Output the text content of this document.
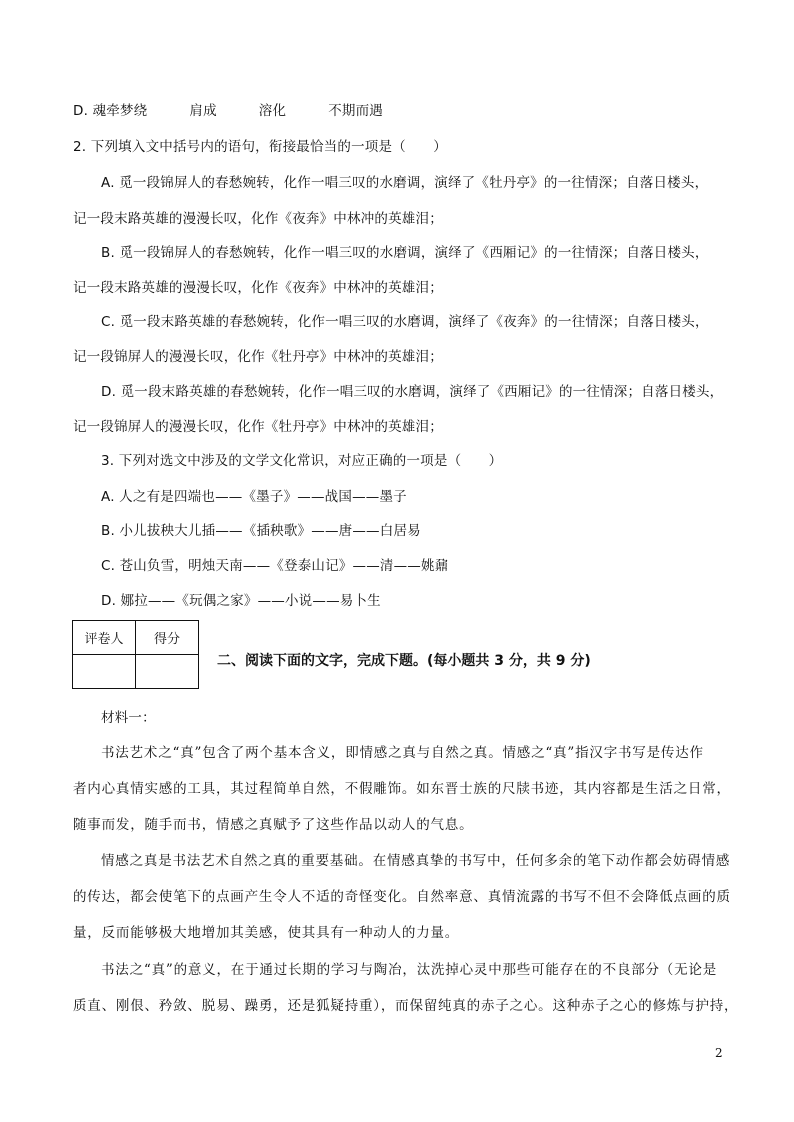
D. 魂牵梦绕	肩成	溶化	不期而遇
2. 下列填入文中括号内的语句，衔接最恰当的一项是（　　）
A. 觅一段锦屏人的春愁婉转，化作一唱三叹的水磨调，演绎了《牡丹亭》的一往情深；自落日楼头，
记一段末路英雄的漫漫长叹，化作《夜奔》中林冲的英雄泪；
B. 觅一段锦屏人的春愁婉转，化作一唱三叹的水磨调，演绎了《西厢记》的一往情深；自落日楼头，
记一段末路英雄的漫漫长叹，化作《夜奔》中林冲的英雄泪；
C. 觅一段末路英雄的春愁婉转，化作一唱三叹的水磨调，演绎了《夜奔》的一往情深；自落日楼头，
记一段锦屏人的漫漫长叹，化作《牡丹亭》中林冲的英雄泪；
D. 觅一段末路英雄的春愁婉转，化作一唱三叹的水磨调，演绎了《西厢记》的一往情深；自落日楼头，
记一段锦屏人的漫漫长叹，化作《牡丹亭》中林冲的英雄泪；
3. 下列对选文中涉及的文学文化常识，对应正确的一项是（　　）
A. 人之有是四端也——《墨子》——战国——墨子
B. 小儿拔秧大儿插——《插秧歌》——唐——白居易
C. 苍山负雪，明烛天南——《登泰山记》——清——姚鼐
D. 娜拉——《玩偶之家》——小说——易卜生
评卷人	得分

二、阅读下面的文字，完成下题。(每小题共 3 分，共 9 分)
材料一：
书法艺术之“真”包含了两个基本含义，即情感之真与自然之真。情感之“真”指汉字书写是传达作
者内心真情实感的工具，其过程简单自然，不假雕饰。如东晋士族的尺牍书迹，其内容都是生活之日常，
随事而发，随手而书，情感之真赋予了这些作品以动人的气息。
情感之真是书法艺术自然之真的重要基础。在情感真挚的书写中，任何多余的笔下动作都会妨碍情感
的传达，都会使笔下的点画产生令人不适的奇怪变化。自然率意、真情流露的书写不但不会降低点画的质
量，反而能够极大地增加其美感，使其具有一种动人的力量。
书法之“真”的意义，在于通过长期的学习与陶冶，汰洗掉心灵中那些可能存在的不良部分（无论是
质直、刚佷、矜敛、脱易、躁勇，还是狐疑持重），而保留纯真的赤子之心。这种赤子之心的修炼与护持，
2
